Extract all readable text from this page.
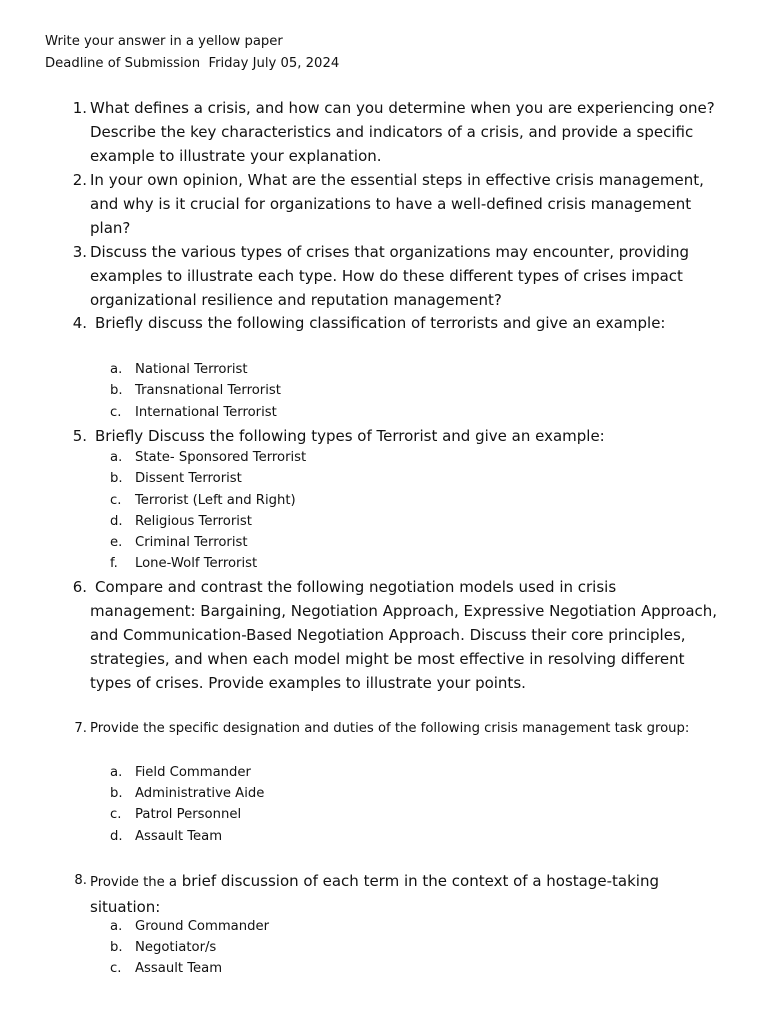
Write your answer in a yellow paper
Deadline of Submission  Friday July 05, 2024
1. What defines a crisis, and how can you determine when you are experiencing one? Describe the key characteristics and indicators of a crisis, and provide a specific example to illustrate your explanation.
2. In your own opinion, What are the essential steps in effective crisis management, and why is it crucial for organizations to have a well-defined crisis management plan?
3. Discuss the various types of crises that organizations may encounter, providing examples to illustrate each type. How do these different types of crises impact organizational resilience and reputation management?
4. Briefly discuss the following classification of terrorists and give an example:
a. National Terrorist
b. Transnational Terrorist
c. International Terrorist
5. Briefly Discuss the following types of Terrorist and give an example:
a. State- Sponsored Terrorist
b. Dissent Terrorist
c. Terrorist (Left and Right)
d. Religious Terrorist
e. Criminal Terrorist
f. Lone-Wolf Terrorist
6. Compare and contrast the following negotiation models used in crisis management: Bargaining, Negotiation Approach, Expressive Negotiation Approach, and Communication-Based Negotiation Approach. Discuss their core principles, strategies, and when each model might be most effective in resolving different types of crises. Provide examples to illustrate your points.
7. Provide the specific designation and duties of the following crisis management task group:
a. Field Commander
b. Administrative Aide
c. Patrol Personnel
d. Assault Team
8. Provide the a brief discussion of each term in the context of a hostage-taking situation:
a. Ground Commander
b. Negotiator/s
c. Assault Team
